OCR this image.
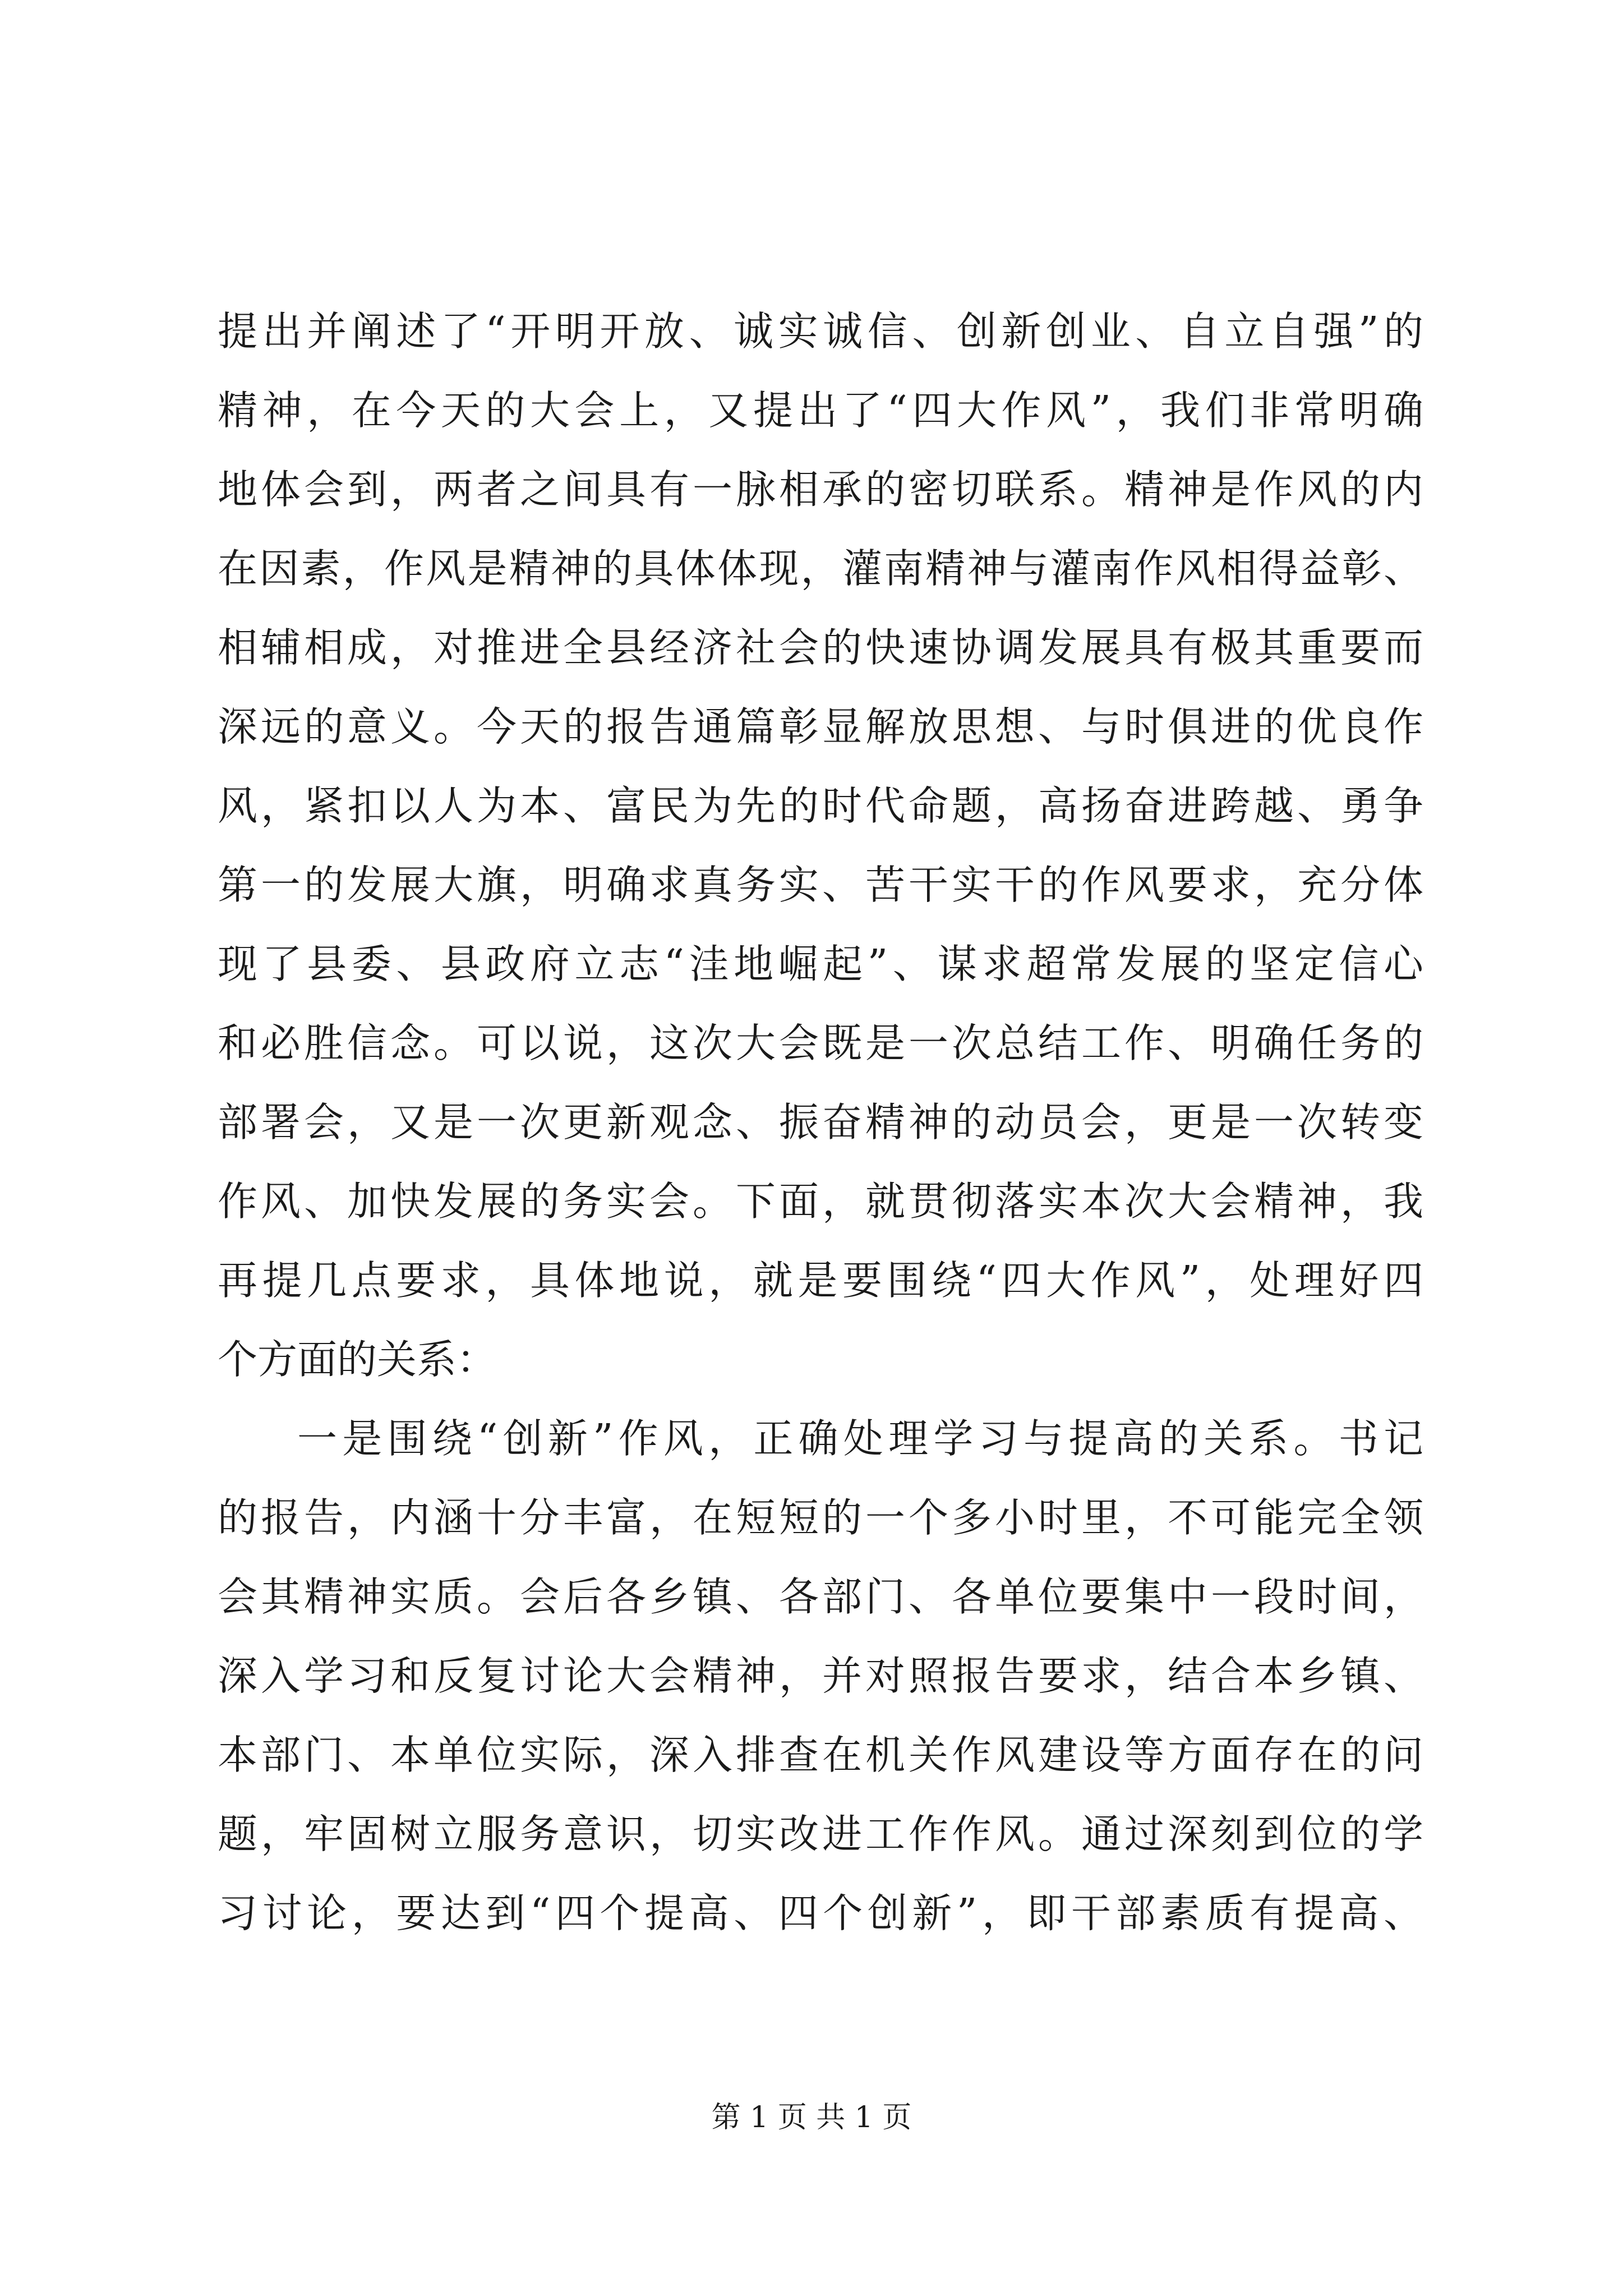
提出并阐述了“开明开放、诚实诚信、创新创业、自立自强”的
精神，在今天的大会上，又提出了“四大作风”，我们非常明确
地体会到，两者之间具有一脉相承的密切联系。精神是作风的内
在因素，作风是精神的具体体现，灌南精神与灌南作风相得益彰、
相辅相成，对推进全县经济社会的快速协调发展具有极其重要而
深远的意义。今天的报告通篇彰显解放思想、与时俱进的优良作
风，紧扣以人为本、富民为先的时代命题，高扬奋进跨越、勇争
第一的发展大旗，明确求真务实、苦干实干的作风要求，充分体
现了县委、县政府立志“洼地崛起”、谋求超常发展的坚定信心
和必胜信念。可以说，这次大会既是一次总结工作、明确任务的
部署会，又是一次更新观念、振奋精神的动员会，更是一次转变
作风、加快发展的务实会。下面，就贯彻落实本次大会精神，我
再提几点要求，具体地说，就是要围绕“四大作风”，处理好四
个方面的关系：
一是围绕“创新”作风，正确处理学习与提高的关系。书记
的报告，内涵十分丰富，在短短的一个多小时里，不可能完全领
会其精神实质。会后各乡镇、各部门、各单位要集中一段时间，
深入学习和反复讨论大会精神，并对照报告要求，结合本乡镇、
本部门、本单位实际，深入排查在机关作风建设等方面存在的问
题，牢固树立服务意识，切实改进工作作风。通过深刻到位的学
习讨论，要达到“四个提高、四个创新”，即干部素质有提高、
第 1 页 共 1 页
